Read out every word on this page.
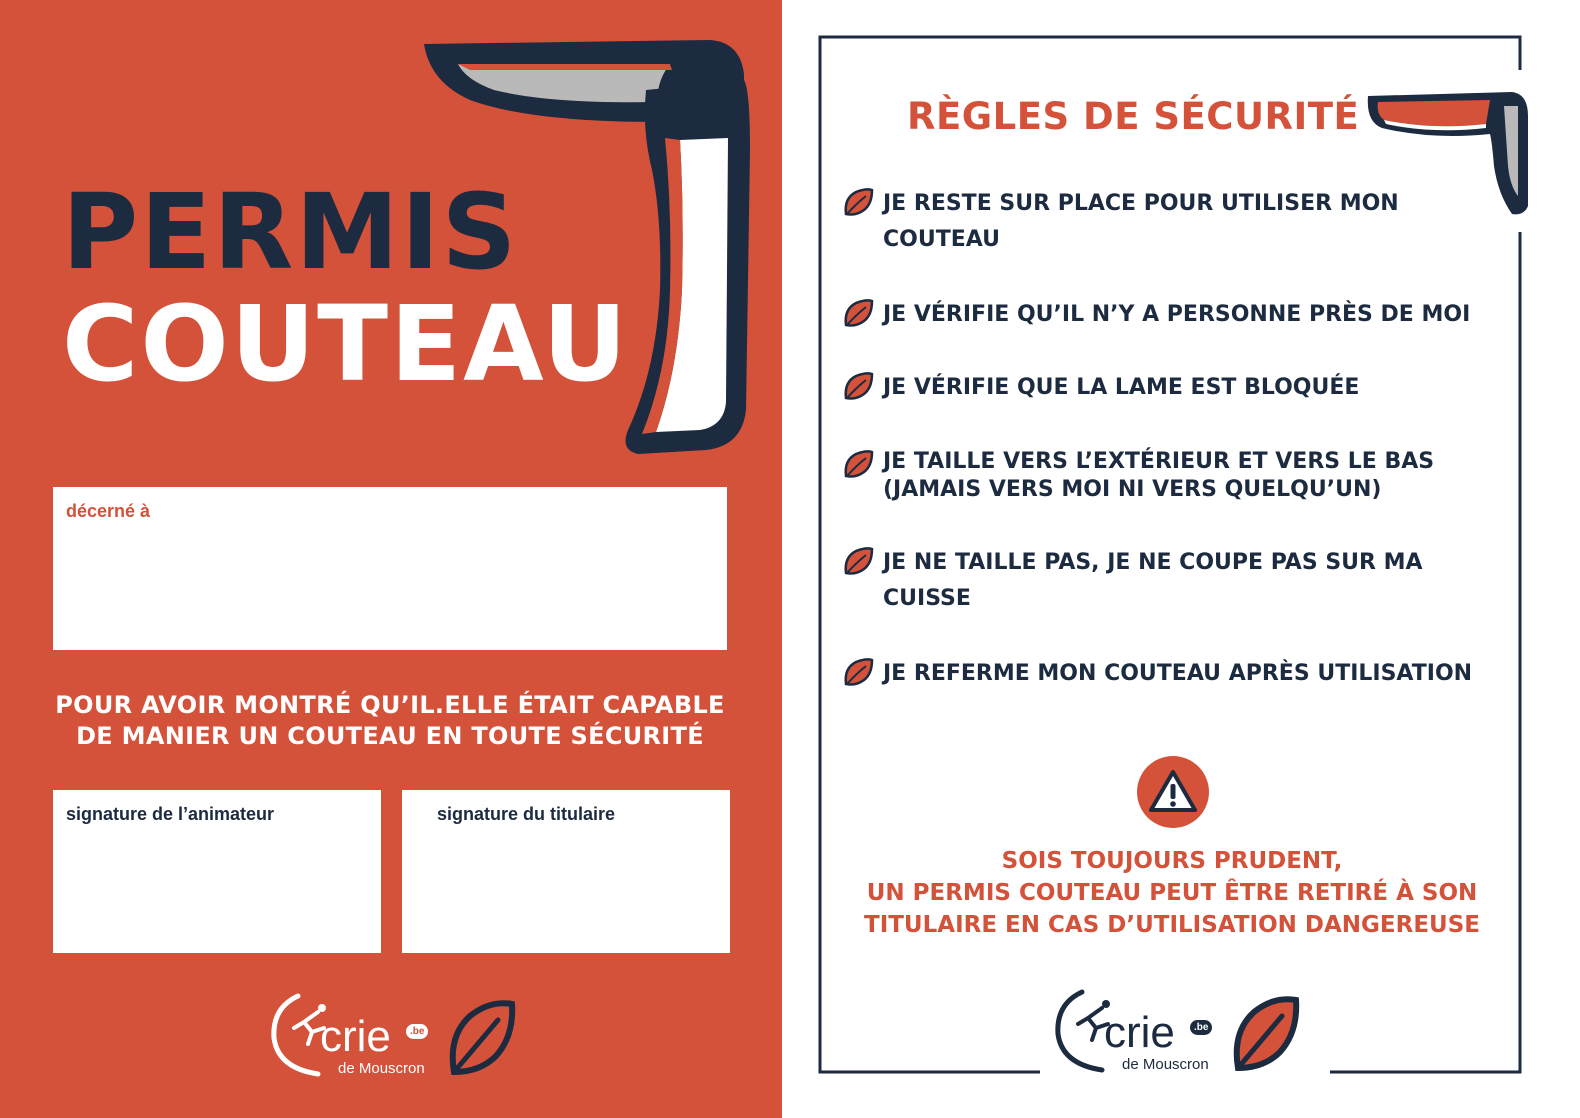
PERMIS
COUTEAU
décerné à
POUR AVOIR MONTRÉ QU’IL.ELLE ÉTAIT CAPABLE
DE MANIER UN COUTEAU EN TOUTE SÉCURITÉ
signature de l’animateur	signature du titulaire
crie	.be
de Mouscron
RÈGLES DE SÉCURITÉ
JE RESTE SUR PLACE POUR UTILISER MON
COUTEAU
JE VÉRIFIE QU’IL N’Y A PERSONNE PRÈS DE MOI
JE VÉRIFIE QUE LA LAME EST BLOQUÉE
JE TAILLE VERS L’EXTÉRIEUR ET VERS LE BAS
(JAMAIS VERS MOI NI VERS QUELQU’UN)
JE NE TAILLE PAS, JE NE COUPE PAS SUR MA
CUISSE
JE REFERME MON COUTEAU APRÈS UTILISATION
SOIS TOUJOURS PRUDENT,
UN PERMIS COUTEAU PEUT ÊTRE RETIRÉ À SON
TITULAIRE EN CAS D’UTILISATION DANGEREUSE
crie	.be
de Mouscron
